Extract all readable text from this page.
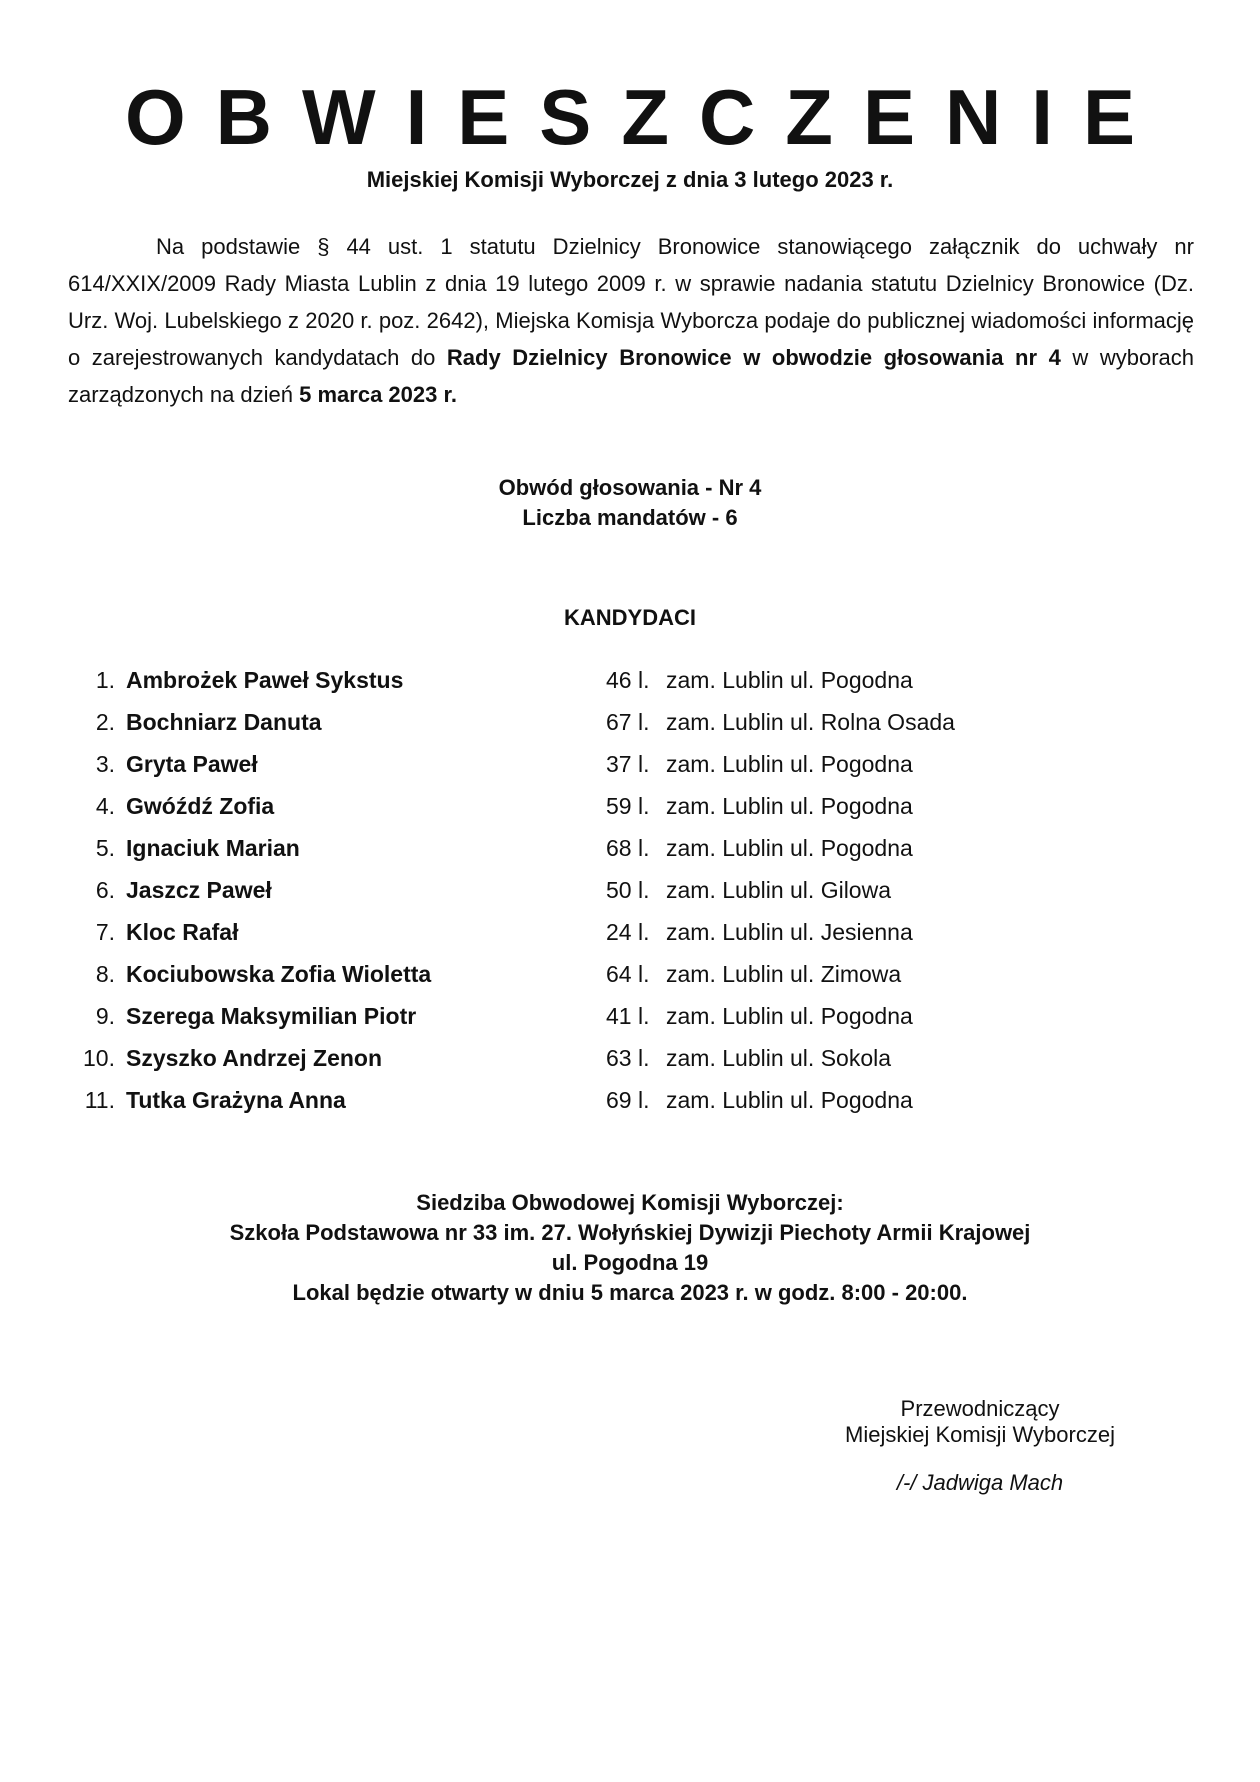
OBWIESZCZENIE
Miejskiej Komisji Wyborczej z dnia 3 lutego 2023 r.

Na podstawie § 44 ust. 1 statutu Dzielnicy Bronowice stanowiącego załącznik do uchwały nr 614/XXIX/2009 Rady Miasta Lublin z dnia 19 lutego 2009 r. w sprawie nadania statutu Dzielnicy Bronowice (Dz. Urz. Woj. Lubelskiego z 2020 r. poz. 2642), Miejska Komisja Wyborcza podaje do publicznej wiadomości informację o zarejestrowanych kandydatach do Rady Dzielnicy Bronowice w obwodzie głosowania nr 4 w wyborach zarządzonych na dzień 5 marca 2023 r.

Obwód głosowania - Nr 4
Liczba mandatów - 6
KANDYDACI
1. Ambrożek Paweł Sykstus	46 l. zam. Lublin ul. Pogodna
2. Bochniarz Danuta	67 l. zam. Lublin ul. Rolna Osada
3. Gryta Paweł	37 l. zam. Lublin ul. Pogodna
4. Gwóźdź Zofia	59 l. zam. Lublin ul. Pogodna
5. Ignaciuk Marian	68 l. zam. Lublin ul. Pogodna
6. Jaszcz Paweł	50 l. zam. Lublin ul. Gilowa
7. Kloc Rafał	24 l. zam. Lublin ul. Jesienna
8. Kociubowska Zofia Wioletta	64 l. zam. Lublin ul. Zimowa
9. Szerega Maksymilian Piotr	41 l. zam. Lublin ul. Pogodna
10. Szyszko Andrzej Zenon	63 l. zam. Lublin ul. Sokola
11. Tutka Grażyna Anna	69 l. zam. Lublin ul. Pogodna
Siedziba Obwodowej Komisji Wyborczej:
Szkoła Podstawowa nr 33 im. 27. Wołyńskiej Dywizji Piechoty Armii Krajowej
ul. Pogodna 19
Lokal będzie otwarty w dniu 5 marca 2023 r. w godz. 8:00 - 20:00.
Przewodniczący
Miejskiej Komisji Wyborczej
/-/ Jadwiga Mach
